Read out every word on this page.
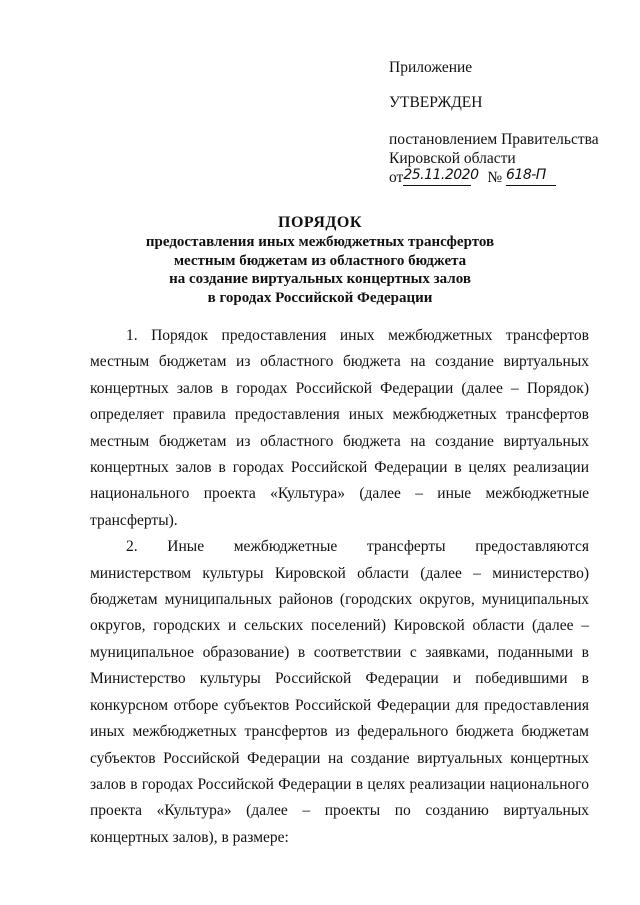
Приложение
УТВЕРЖДЕН
постановлением Правительства
Кировской области
от25.11.2020 № 618-П
ПОРЯДОК
предоставления иных межбюджетных трансфертов
местным бюджетам из областного бюджета
на создание виртуальных концертных залов
в городах Российской Федерации

1. Порядок предоставления иных межбюджетных трансфертов местным бюджетам из областного бюджета на создание виртуальных концертных залов в городах Российской Федерации (далее – Порядок) определяет правила предоставления иных межбюджетных трансфертов местным бюджетам из областного бюджета на создание виртуальных концертных залов в городах Российской Федерации в целях реализации национального проекта «Культура» (далее – иные межбюджетные трансферты).

2. Иные межбюджетные трансферты предоставляются министерством культуры Кировской области (далее – министерство) бюджетам муниципальных районов (городских округов, муниципальных округов, городских и сельских поселений) Кировской области (далее – муниципальное образование) в соответствии с заявками, поданными в Министерство культуры Российской Федерации и победившими в конкурсном отборе субъектов Российской Федерации для предоставления иных межбюджетных трансфертов из федерального бюджета бюджетам субъектов Российской Федерации на создание виртуальных концертных залов в городах Российской Федерации в целях реализации национального проекта «Культура» (далее – проекты по созданию виртуальных концертных залов), в размере:
